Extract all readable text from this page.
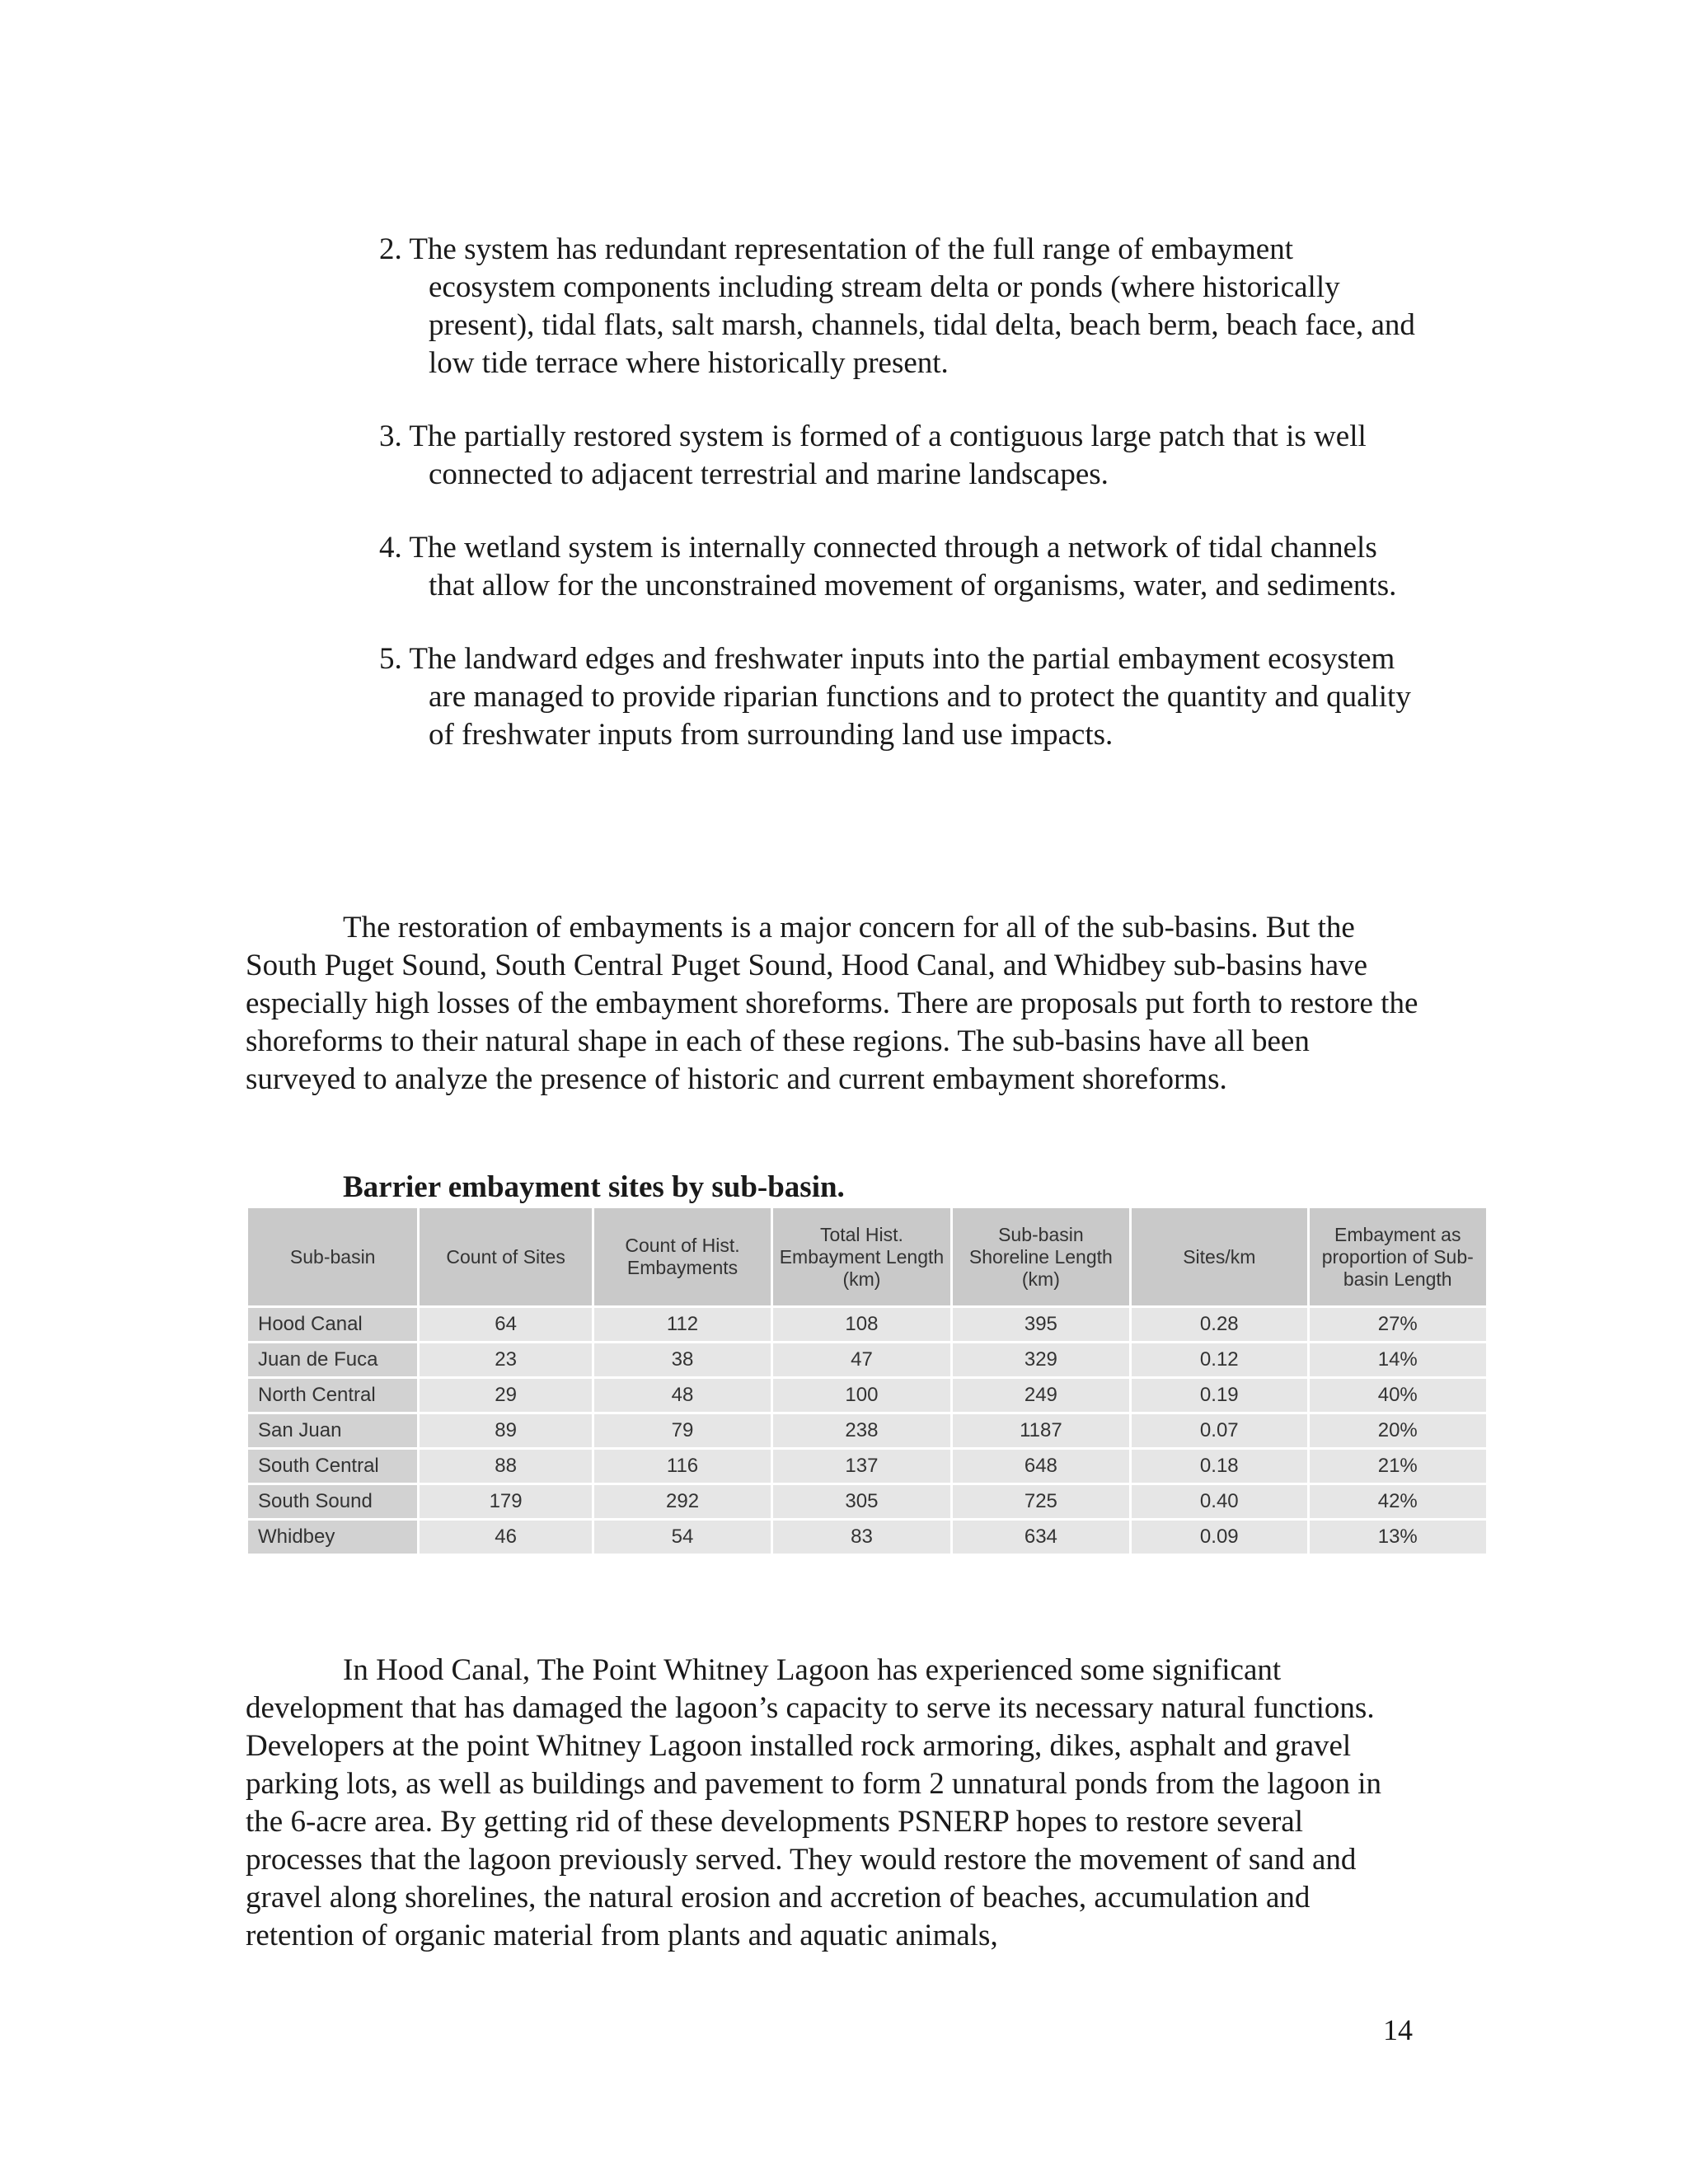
2. The system has redundant representation of the full range of embayment ecosystem components including stream delta or ponds (where historically present), tidal flats, salt marsh, channels, tidal delta, beach berm, beach face, and low tide terrace where historically present.
3. The partially restored system is formed of a contiguous large patch that is well connected to adjacent terrestrial and marine landscapes.
4. The wetland system is internally connected through a network of tidal channels that allow for the unconstrained movement of organisms, water, and sediments.
5. The landward edges and freshwater inputs into the partial embayment ecosystem are managed to provide riparian functions and to protect the quantity and quality of freshwater inputs from surrounding land use impacts.

The restoration of embayments is a major concern for all of the sub-basins. But the South Puget Sound, South Central Puget Sound, Hood Canal, and Whidbey sub-basins have especially high losses of the embayment shoreforms. There are proposals put forth to restore the shoreforms to their natural shape in each of these regions. The sub-basins have all been surveyed to analyze the presence of historic and current embayment shoreforms.

Barrier embayment sites by sub-basin.
Sub-basin	Count of Sites	Count of Hist. Embayments	Total Hist. Embayment Length (km)	Sub-basin Shoreline Length (km)	Sites/km	Embayment as proportion of Sub-basin Length
Hood Canal	64	112	108	395	0.28	27%
Juan de Fuca	23	38	47	329	0.12	14%
North Central	29	48	100	249	0.19	40%
San Juan	89	79	238	1187	0.07	20%
South Central	88	116	137	648	0.18	21%
South Sound	179	292	305	725	0.40	42%
Whidbey	46	54	83	634	0.09	13%

In Hood Canal, The Point Whitney Lagoon has experienced some significant development that has damaged the lagoon’s capacity to serve its necessary natural functions. Developers at the point Whitney Lagoon installed rock armoring, dikes, asphalt and gravel parking lots, as well as buildings and pavement to form 2 unnatural ponds from the lagoon in the 6-acre area. By getting rid of these developments PSNERP hopes to restore several processes that the lagoon previously served. They would restore the movement of sand and gravel along shorelines, the natural erosion and accretion of beaches, accumulation and retention of organic material from plants and aquatic animals,

14
